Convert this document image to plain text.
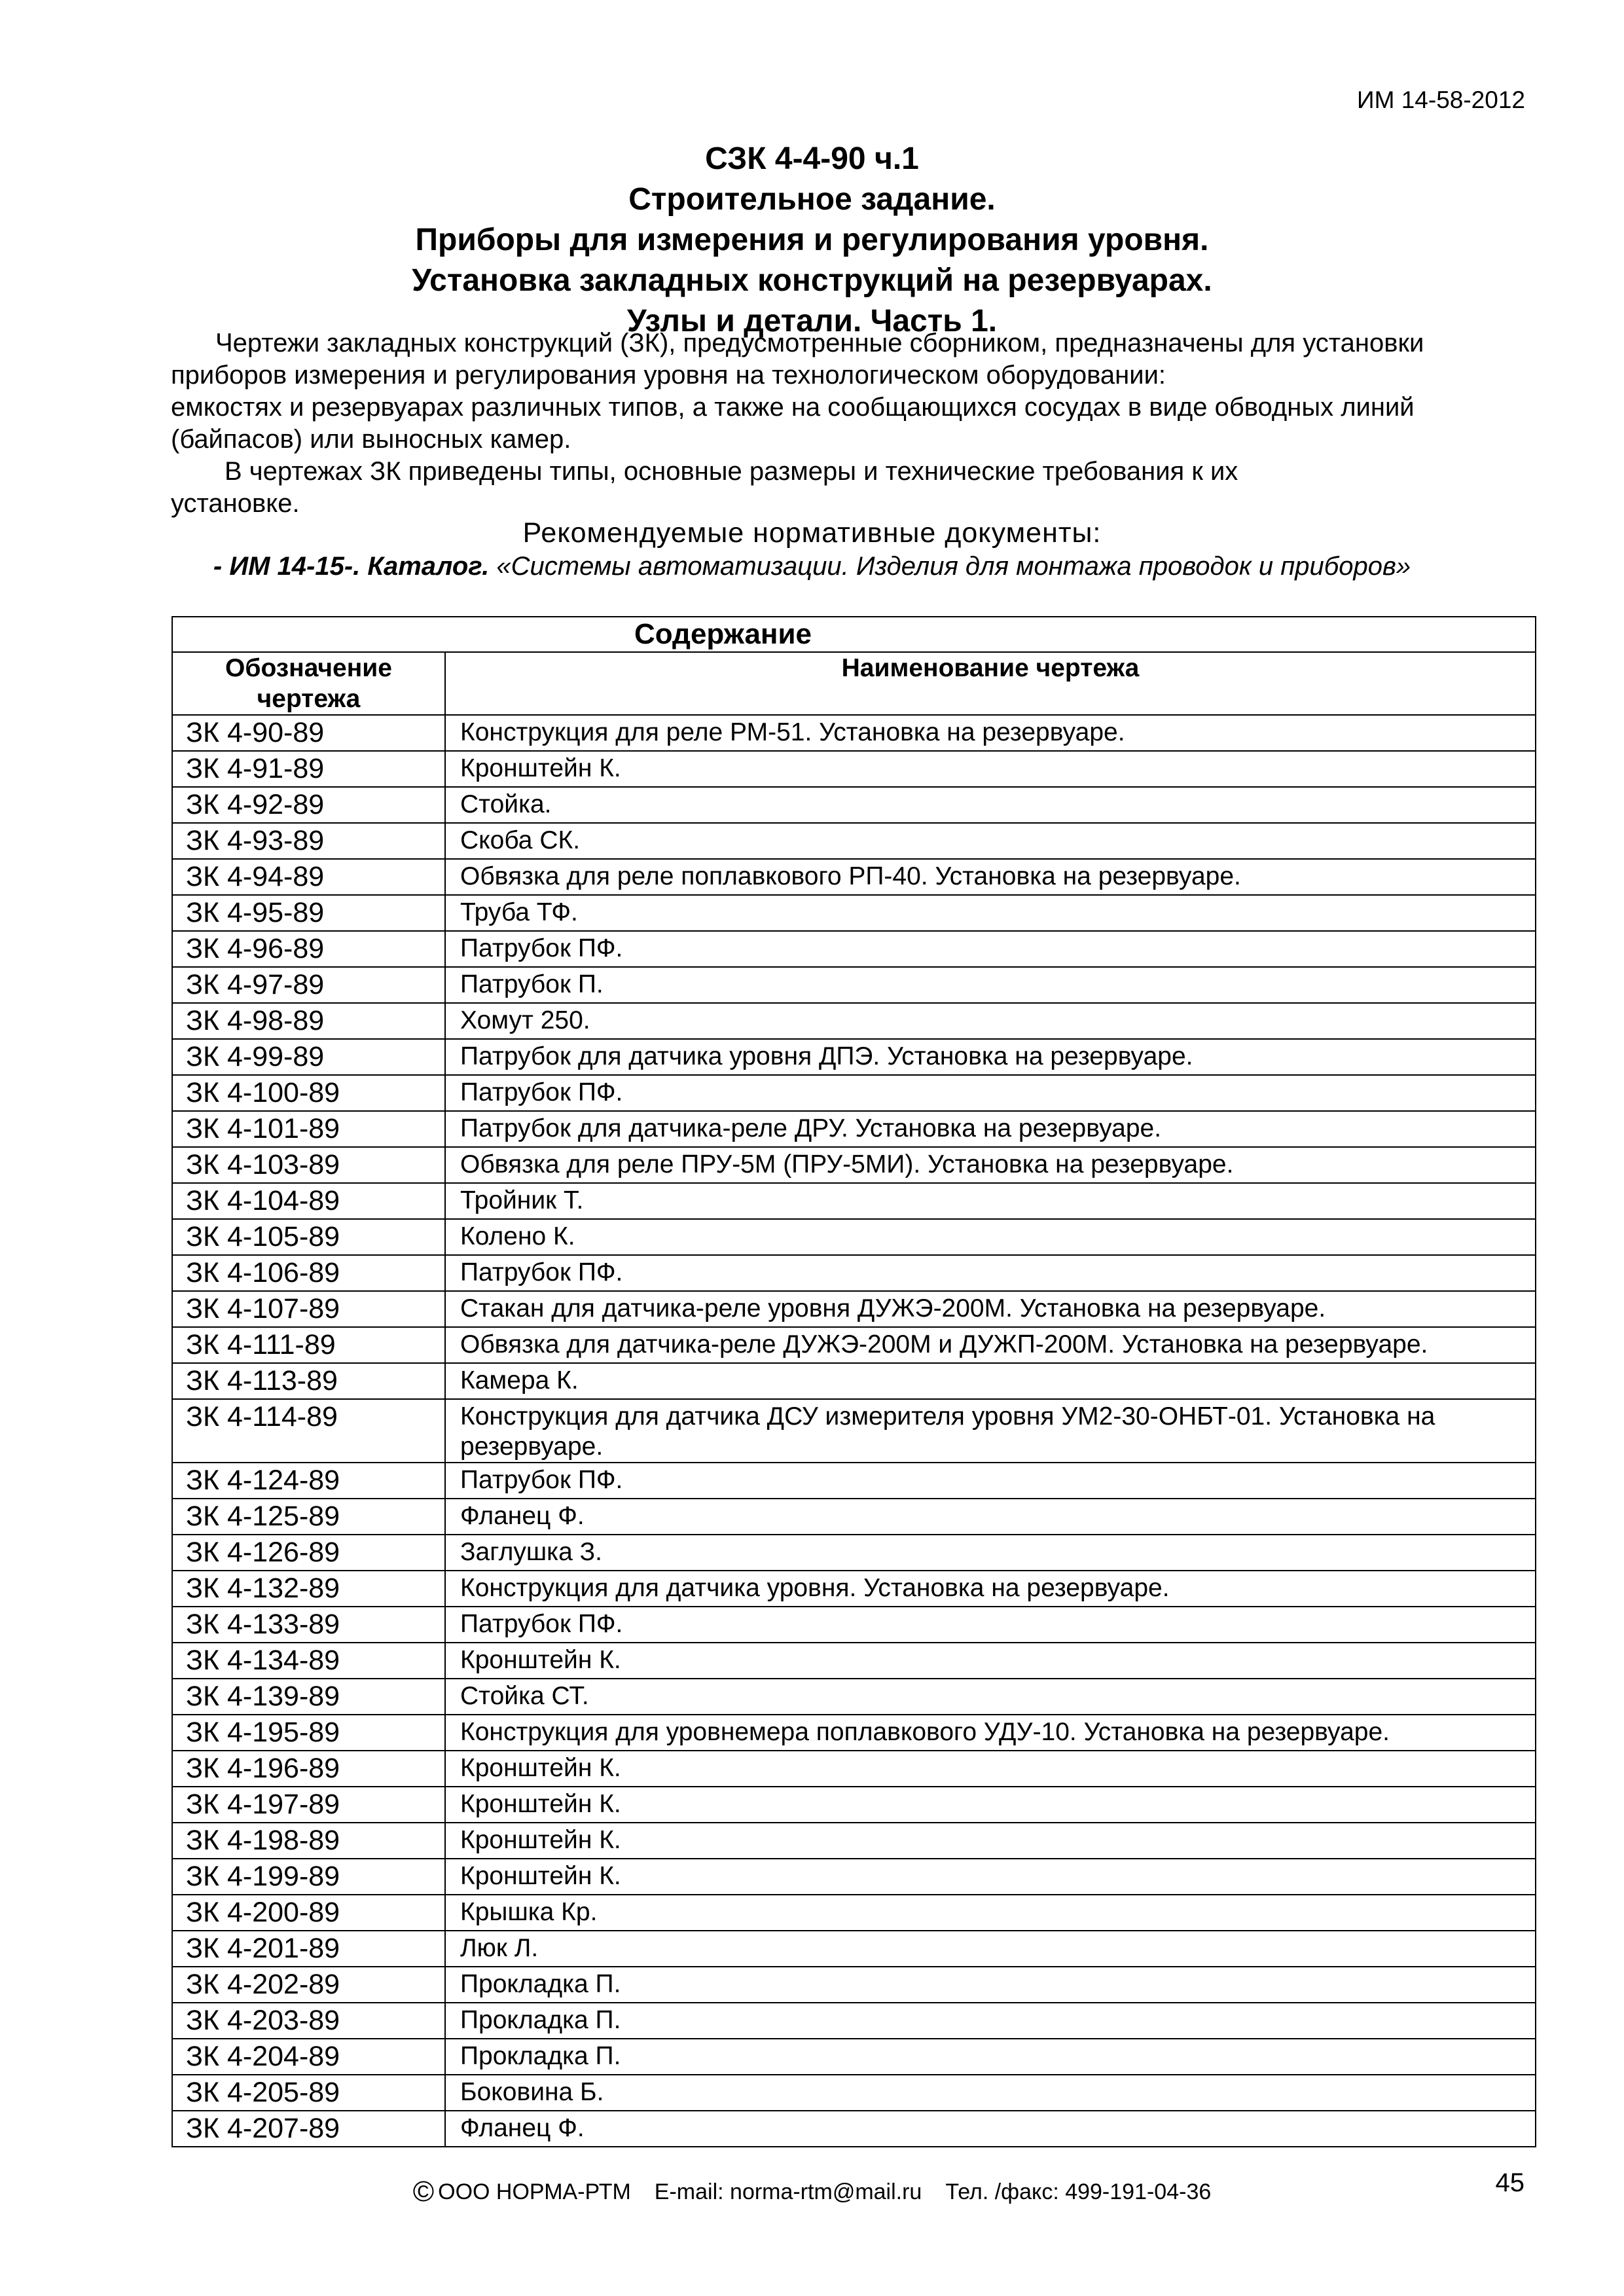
ИМ 14-58-2012
СЗК 4-4-90 ч.1
Строительное задание.
Приборы для измерения и регулирования уровня.
Установка закладных конструкций на резервуарах.
Узлы и детали. Часть 1.

Чертежи закладных конструкций (ЗК), предусмотренные сборником, предназначены для установки

приборов измерения и регулирования уровня на технологическом оборудовании:

емкостях и резервуарах различных типов, а также на сообщающихся сосудах в виде обводных линий

(байпасов) или выносных камер.

В чертежах ЗК приведены типы, основные размеры и технические требования к их

установке.

Рекомендуемые нормативные документы:
- ИМ 14-15-. Каталог. «Системы автоматизации. Изделия для монтажа проводок и приборов»
Содержание	
Обозначение чертежа	Наименование чертежа
ЗК 4-90-89	Конструкция для реле РМ-51. Установка на резервуаре.
ЗК 4-91-89	Кронштейн К.
ЗК 4-92-89	Стойка.
ЗК 4-93-89	Скоба СК.
ЗК 4-94-89	Обвязка для реле поплавкового РП-40. Установка на резервуаре.
ЗК 4-95-89	Труба ТФ.
ЗК 4-96-89	Патрубок ПФ.
ЗК 4-97-89	Патрубок П.
ЗК 4-98-89	Хомут 250.
ЗК 4-99-89	Патрубок для датчика уровня ДПЭ. Установка на резервуаре.
ЗК 4-100-89	Патрубок ПФ.
ЗК 4-101-89	Патрубок для датчика-реле ДРУ. Установка на резервуаре.
ЗК 4-103-89	Обвязка для реле ПРУ-5М (ПРУ-5МИ). Установка на резервуаре.
ЗК 4-104-89	Тройник Т.
ЗК 4-105-89	Колено К.
ЗК 4-106-89	Патрубок ПФ.
ЗК 4-107-89	Стакан для датчика-реле уровня ДУЖЭ-200М. Установка на резервуаре.
ЗК 4-111-89	Обвязка для датчика-реле ДУЖЭ-200М и ДУЖП-200М. Установка на резервуаре.
ЗК 4-113-89	Камера К.
ЗК 4-114-89	Конструкция для датчика ДСУ измерителя уровня УМ2-30-ОНБТ-01. Установка на резервуаре.
ЗК 4-124-89	Патрубок ПФ.
ЗК 4-125-89	Фланец Ф.
ЗК 4-126-89	Заглушка З.
ЗК 4-132-89	Конструкция для датчика уровня. Установка на резервуаре.
ЗК 4-133-89	Патрубок ПФ.
ЗК 4-134-89	Кронштейн К.
ЗК 4-139-89	Стойка СТ.
ЗК 4-195-89	Конструкция для уровнемера поплавкового УДУ-10. Установка на резервуаре.
ЗК 4-196-89	Кронштейн К.
ЗК 4-197-89	Кронштейн К.
ЗК 4-198-89	Кронштейн К.
ЗК 4-199-89	Кронштейн К.
ЗК 4-200-89	Крышка Кр.
ЗК 4-201-89	Люк Л.
ЗК 4-202-89	Прокладка П.
ЗК 4-203-89	Прокладка П.
ЗК 4-204-89	Прокладка П.
ЗК 4-205-89	Боковина Б.
ЗК 4-207-89	Фланец Ф.
© ООО НОРМА-РТМ E-mail: norma-rtm@mail.ru Тел. /факс: 499-191-04-36	45
